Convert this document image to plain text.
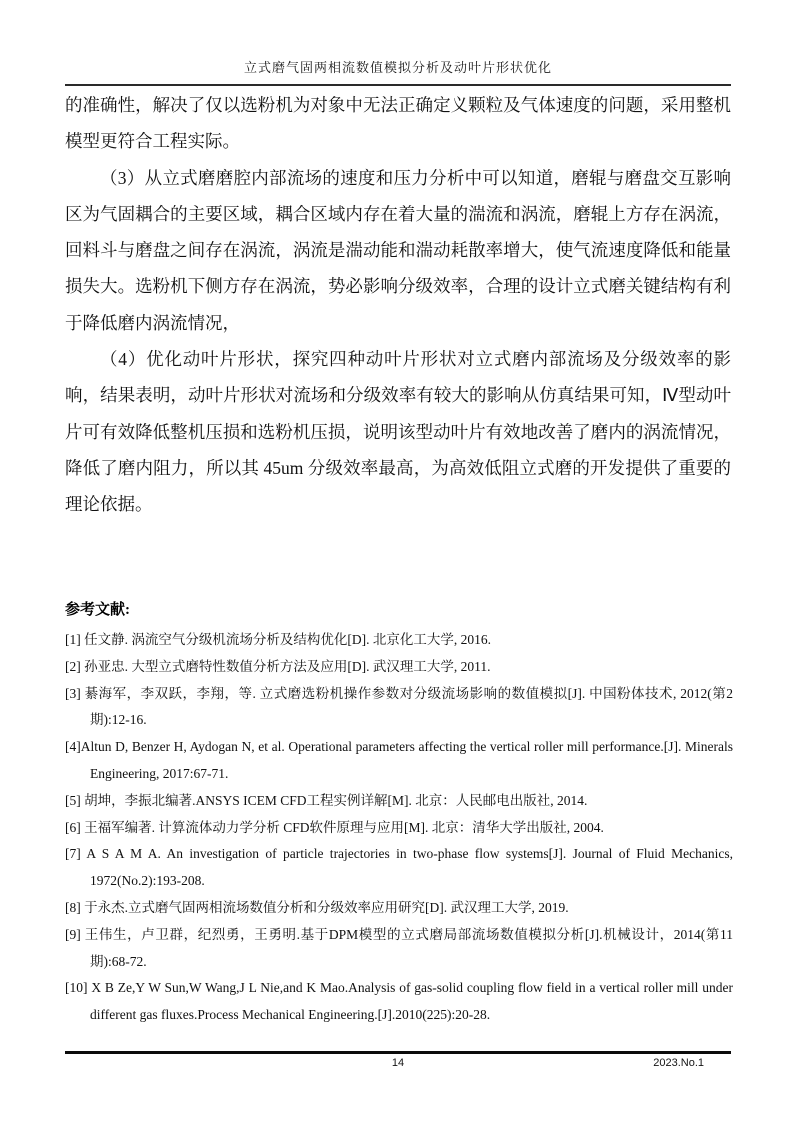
立式磨气固两相流数值模拟分析及动叶片形状优化

的准确性，解决了仅以选粉机为对象中无法正确定义颗粒及气体速度的问题，采用整机模型更符合工程实际。

（3）从立式磨磨腔内部流场的速度和压力分析中可以知道，磨辊与磨盘交互影响区为气固耦合的主要区域，耦合区域内存在着大量的湍流和涡流，磨辊上方存在涡流，回料斗与磨盘之间存在涡流，涡流是湍动能和湍动耗散率增大，使气流速度降低和能量损失大。选粉机下侧方存在涡流，势必影响分级效率，合理的设计立式磨关键结构有利于降低磨内涡流情况，

（4）优化动叶片形状，探究四种动叶片形状对立式磨内部流场及分级效率的影响，结果表明，动叶片形状对流场和分级效率有较大的影响从仿真结果可知，Ⅳ型动叶片可有效降低整机压损和选粉机压损，说明该型动叶片有效地改善了磨内的涡流情况，降低了磨内阻力，所以其 45um 分级效率最高，为高效低阻立式磨的开发提供了重要的理论依据。

参考文献:

[1] 任文静. 涡流空气分级机流场分析及结构优化[D]. 北京化工大学, 2016.

[2] 孙亚忠. 大型立式磨特性数值分析方法及应用[D]. 武汉理工大学, 2011.

[3] 綦海军，李双跃，李翔，等. 立式磨选粉机操作参数对分级流场影响的数值模拟[J]. 中国粉体技术, 2012(第2期):12-16.

[4]Altun D, Benzer H, Aydogan N, et al. Operational parameters affecting the vertical roller mill performance.[J]. Minerals Engineering, 2017:67-71.

[5] 胡坤，李振北编著.ANSYS ICEM CFD工程实例详解[M]. 北京：人民邮电出版社, 2014.

[6] 王福军编著. 计算流体动力学分析 CFD软件原理与应用[M]. 北京：清华大学出版社, 2004.

[7] A S A M A. An investigation of particle trajectories in two-phase flow systems[J]. Journal of Fluid Mechanics, 1972(No.2):193-208.

[8] 于永杰.立式磨气固两相流场数值分析和分级效率应用研究[D]. 武汉理工大学, 2019.

[9] 王伟生，卢卫群，纪烈勇，王勇明.基于DPM模型的立式磨局部流场数值模拟分析[J].机械设计，2014(第11期):68-72.

[10] X B Ze,Y W Sun,W Wang,J L Nie,and K Mao.Analysis of gas-solid coupling flow field in a vertical roller mill under different gas fluxes.Process Mechanical Engineering.[J].2010(225):20-28.

14	2023.No.1
